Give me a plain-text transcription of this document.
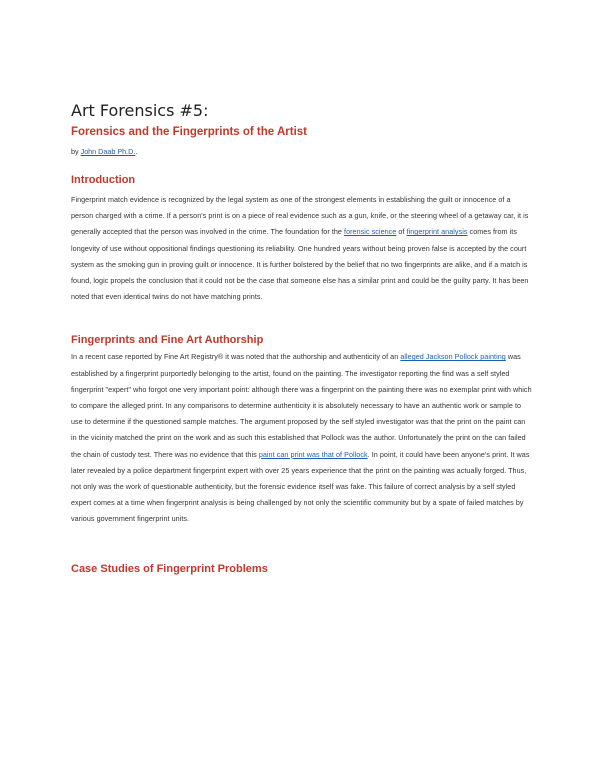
Art Forensics #5:
Forensics and the Fingerprints of the Artist
by John Daab Ph.D..
Introduction

Fingerprint match evidence is recognized by the legal system as one of the strongest elements in establishing the guilt or innocence of a person charged with a crime. If a person's print is on a piece of real evidence such as a gun, knife, or the steering wheel of a getaway car, it is generally accepted that the person was involved in the crime. The foundation for the forensic science of fingerprint analysis comes from its longevity of use without oppositional findings questioning its reliability. One hundred years without being proven false is accepted by the court system as the smoking gun in proving guilt or innocence. It is further bolstered by the belief that no two fingerprints are alike, and if a match is found, logic propels the conclusion that it could not be the case that someone else has a similar print and could be the guilty party. It has been noted that even identical twins do not have matching prints.

Fingerprints and Fine Art Authorship

In a recent case reported by Fine Art Registry® it was noted that the authorship and authenticity of an alleged Jackson Pollock painting was established by a fingerprint purportedly belonging to the artist, found on the painting. The investigator reporting the find was a self styled fingerprint "expert" who forgot one very important point: although there was a fingerprint on the painting there was no exemplar print with which to compare the alleged print. In any comparisons to determine authenticity it is absolutely necessary to have an authentic work or sample to use to determine if the questioned sample matches. The argument proposed by the self styled investigator was that the print on the paint can in the vicinity matched the print on the work and as such this established that Pollock was the author. Unfortunately the print on the can failed the chain of custody test. There was no evidence that this paint can print was that of Pollock. In point, it could have been anyone's print. It was later revealed by a police department fingerprint expert with over 25 years experience that the print on the painting was actually forged. Thus, not only was the work of questionable authenticity, but the forensic evidence itself was fake. This failure of correct analysis by a self styled expert comes at a time when fingerprint analysis is being challenged by not only the scientific community but by a spate of failed matches by various government fingerprint units.

Case Studies of Fingerprint Problems
